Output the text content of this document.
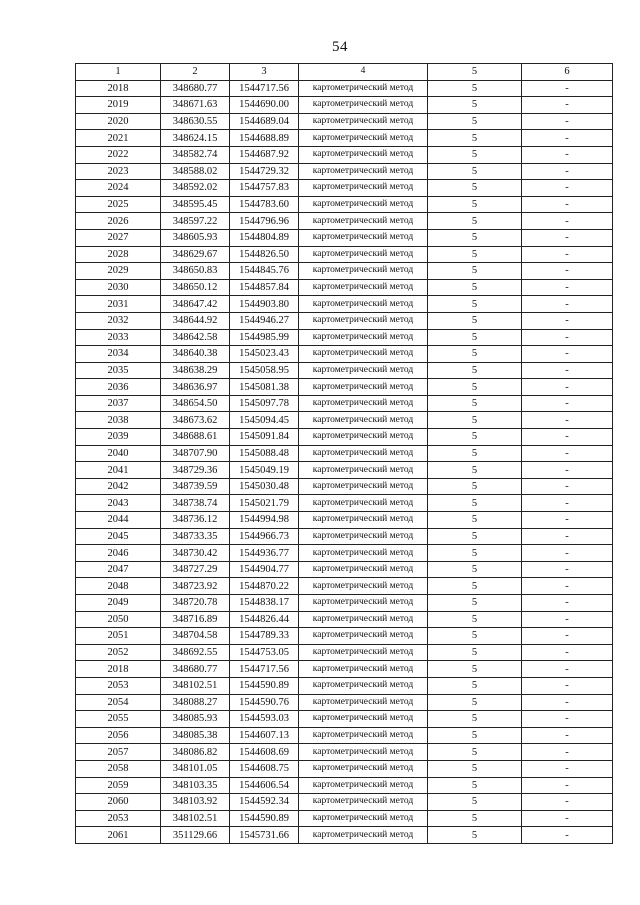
54
1	2	3	4	5	6
2018	348680.77	1544717.56	картометрический метод	5	-
2019	348671.63	1544690.00	картометрический метод	5	-
2020	348630.55	1544689.04	картометрический метод	5	-
2021	348624.15	1544688.89	картометрический метод	5	-
2022	348582.74	1544687.92	картометрический метод	5	-
2023	348588.02	1544729.32	картометрический метод	5	-
2024	348592.02	1544757.83	картометрический метод	5	-
2025	348595.45	1544783.60	картометрический метод	5	-
2026	348597.22	1544796.96	картометрический метод	5	-
2027	348605.93	1544804.89	картометрический метод	5	-
2028	348629.67	1544826.50	картометрический метод	5	-
2029	348650.83	1544845.76	картометрический метод	5	-
2030	348650.12	1544857.84	картометрический метод	5	-
2031	348647.42	1544903.80	картометрический метод	5	-
2032	348644.92	1544946.27	картометрический метод	5	-
2033	348642.58	1544985.99	картометрический метод	5	-
2034	348640.38	1545023.43	картометрический метод	5	-
2035	348638.29	1545058.95	картометрический метод	5	-
2036	348636.97	1545081.38	картометрический метод	5	-
2037	348654.50	1545097.78	картометрический метод	5	-
2038	348673.62	1545094.45	картометрический метод	5	-
2039	348688.61	1545091.84	картометрический метод	5	-
2040	348707.90	1545088.48	картометрический метод	5	-
2041	348729.36	1545049.19	картометрический метод	5	-
2042	348739.59	1545030.48	картометрический метод	5	-
2043	348738.74	1545021.79	картометрический метод	5	-
2044	348736.12	1544994.98	картометрический метод	5	-
2045	348733.35	1544966.73	картометрический метод	5	-
2046	348730.42	1544936.77	картометрический метод	5	-
2047	348727.29	1544904.77	картометрический метод	5	-
2048	348723.92	1544870.22	картометрический метод	5	-
2049	348720.78	1544838.17	картометрический метод	5	-
2050	348716.89	1544826.44	картометрический метод	5	-
2051	348704.58	1544789.33	картометрический метод	5	-
2052	348692.55	1544753.05	картометрический метод	5	-
2018	348680.77	1544717.56	картометрический метод	5	-
2053	348102.51	1544590.89	картометрический метод	5	-
2054	348088.27	1544590.76	картометрический метод	5	-
2055	348085.93	1544593.03	картометрический метод	5	-
2056	348085.38	1544607.13	картометрический метод	5	-
2057	348086.82	1544608.69	картометрический метод	5	-
2058	348101.05	1544608.75	картометрический метод	5	-
2059	348103.35	1544606.54	картометрический метод	5	-
2060	348103.92	1544592.34	картометрический метод	5	-
2053	348102.51	1544590.89	картометрический метод	5	-
2061	351129.66	1545731.66	картометрический метод	5	-
